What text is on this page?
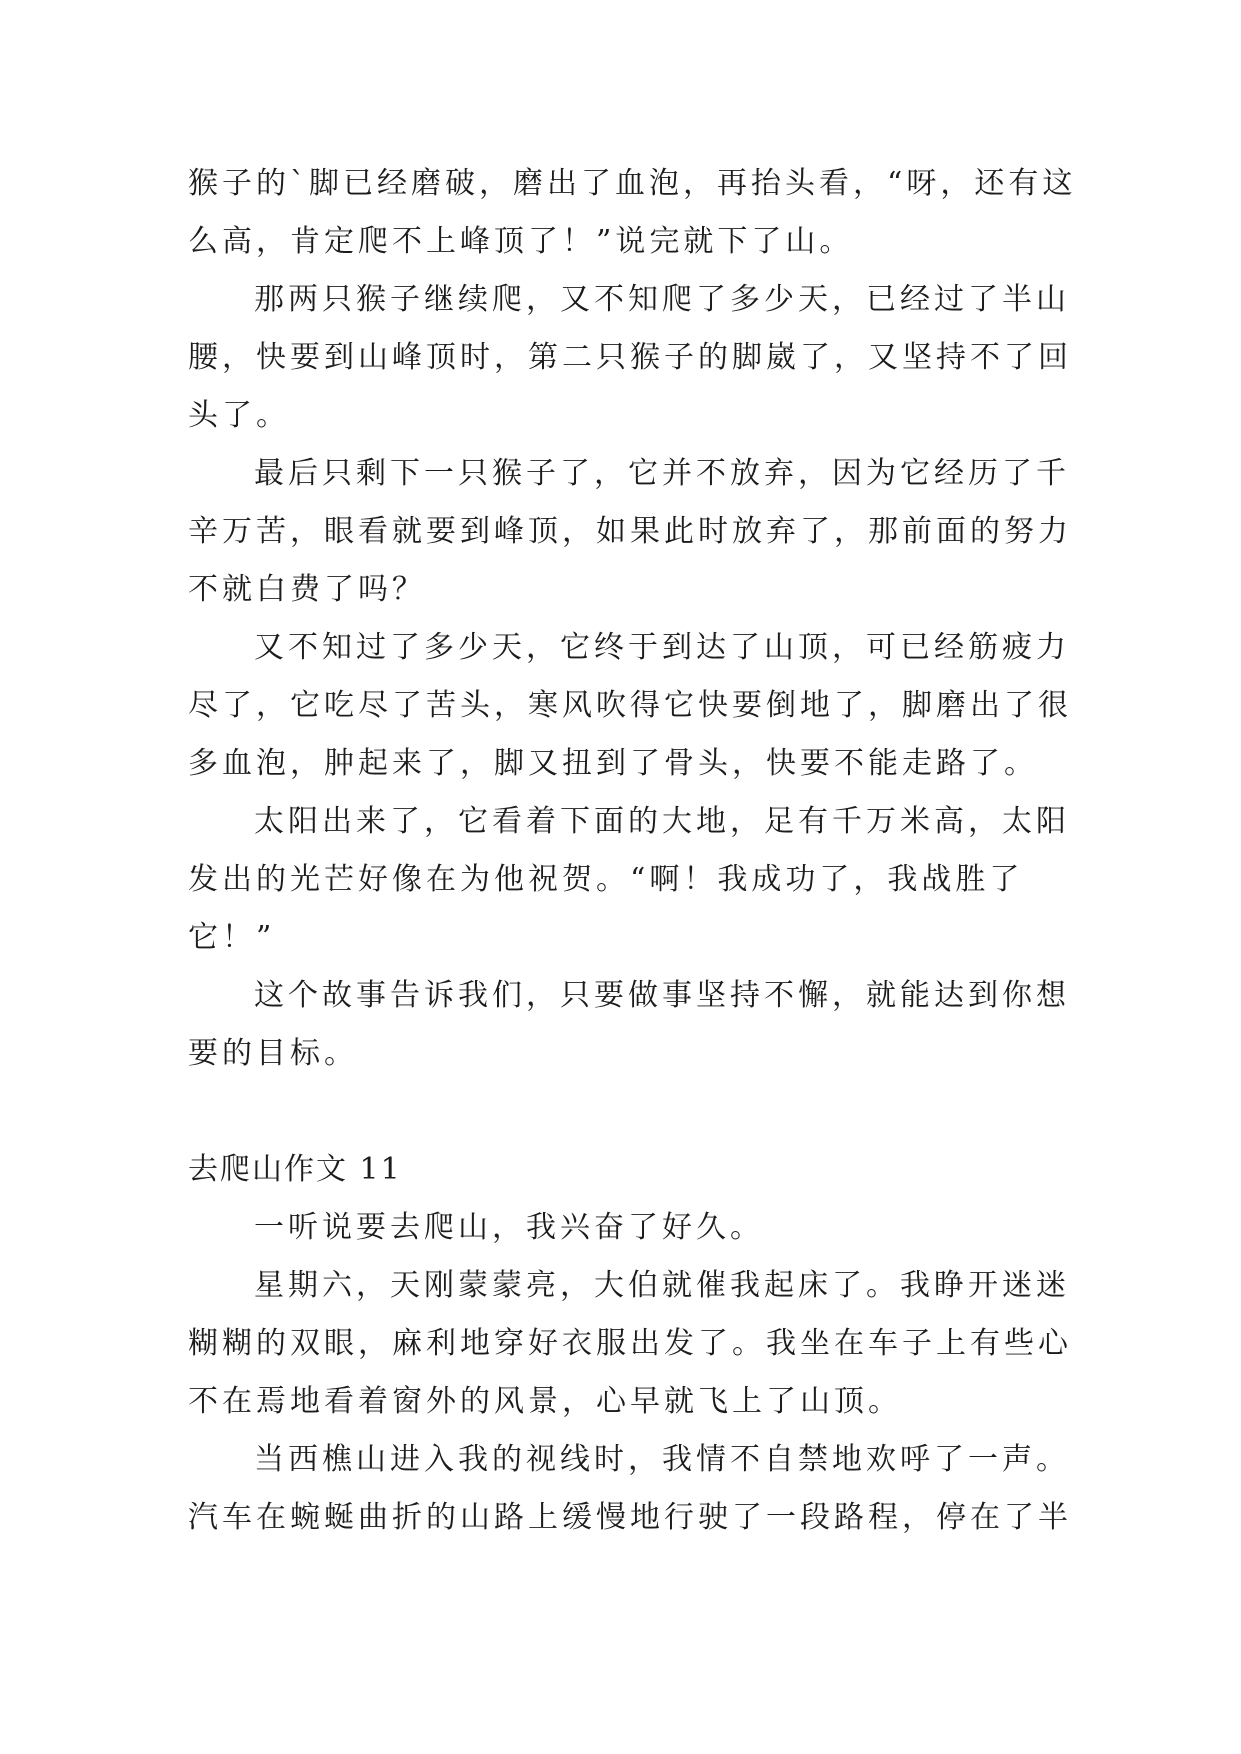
猴子的`脚已经磨破，磨出了血泡，再抬头看，“呀，还有这
么高，肯定爬不上峰顶了！”说完就下了山。
那两只猴子继续爬，又不知爬了多少天，已经过了半山
腰，快要到山峰顶时，第二只猴子的脚崴了，又坚持不了回
头了。
最后只剩下一只猴子了，它并不放弃，因为它经历了千
辛万苦，眼看就要到峰顶，如果此时放弃了，那前面的努力
不就白费了吗？
又不知过了多少天，它终于到达了山顶，可已经筋疲力
尽了，它吃尽了苦头，寒风吹得它快要倒地了，脚磨出了很
多血泡，肿起来了，脚又扭到了骨头，快要不能走路了。
太阳出来了，它看着下面的大地，足有千万米高，太阳
发出的光芒好像在为他祝贺。“啊！我成功了，我战胜了
它！”
这个故事告诉我们，只要做事坚持不懈，就能达到你想
要的目标。
去爬山作文 11
一听说要去爬山，我兴奋了好久。
星期六，天刚蒙蒙亮，大伯就催我起床了。我睁开迷迷
糊糊的双眼，麻利地穿好衣服出发了。我坐在车子上有些心
不在焉地看着窗外的风景，心早就飞上了山顶。
当西樵山进入我的视线时，我情不自禁地欢呼了一声。
汽车在蜿蜒曲折的山路上缓慢地行驶了一段路程，停在了半
